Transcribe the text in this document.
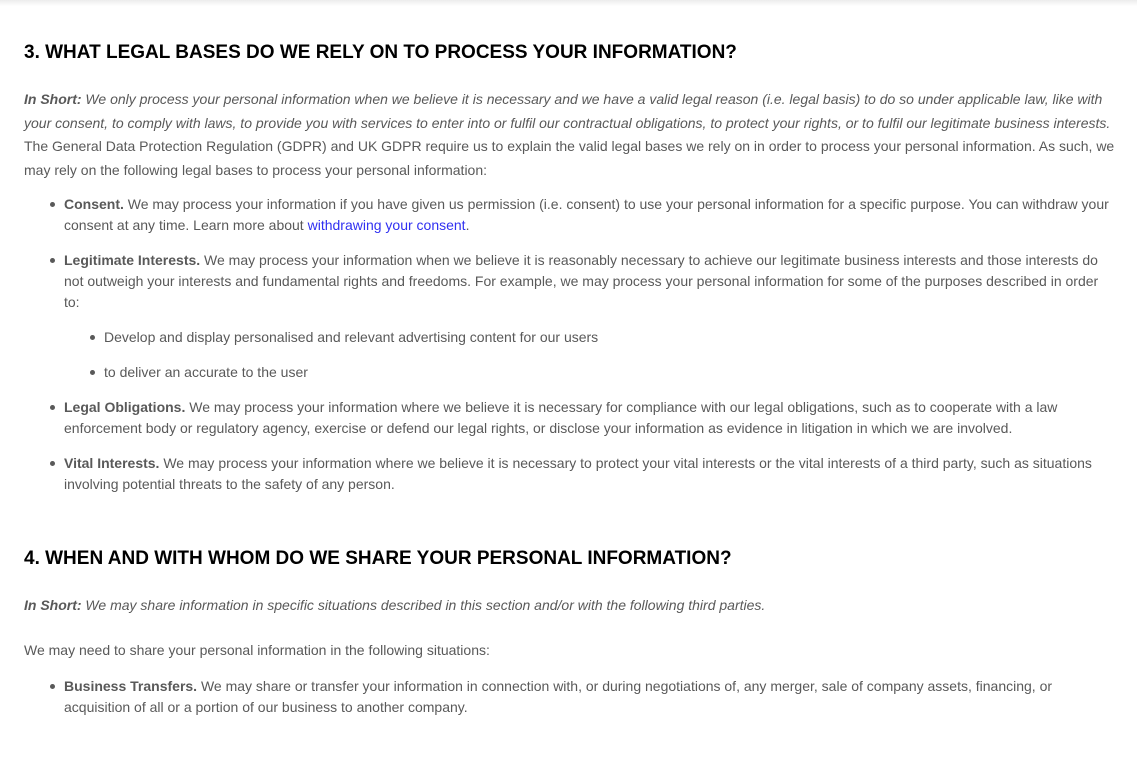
3. WHAT LEGAL BASES DO WE RELY ON TO PROCESS YOUR INFORMATION?

In Short: We only process your personal information when we believe it is necessary and we have a valid legal reason (i.e. legal basis) to do so under applicable law, like with your consent, to comply with laws, to provide you with services to enter into or fulfil our contractual obligations, to protect your rights, or to fulfil our legitimate business interests.

The General Data Protection Regulation (GDPR) and UK GDPR require us to explain the valid legal bases we rely on in order to process your personal information. As such, we may rely on the following legal bases to process your personal information:

Consent. We may process your information if you have given us permission (i.e. consent) to use your personal information for a specific purpose. You can withdraw your consent at any time. Learn more about withdrawing your consent.
Legitimate Interests. We may process your information when we believe it is reasonably necessary to achieve our legitimate business interests and those interests do not outweigh your interests and fundamental rights and freedoms. For example, we may process your personal information for some of the purposes described in order to:
Legal Obligations. We may process your information where we believe it is necessary for compliance with our legal obligations, such as to cooperate with a law enforcement body or regulatory agency, exercise or defend our legal rights, or disclose your information as evidence in litigation in which we are involved.
Vital Interests. We may process your information where we believe it is necessary to protect your vital interests or the vital interests of a third party, such as situations involving potential threats to the safety of any person.
Develop and display personalised and relevant advertising content for our users
to deliver an accurate to the user
4. WHEN AND WITH WHOM DO WE SHARE YOUR PERSONAL INFORMATION?

In Short: We may share information in specific situations described in this section and/or with the following third parties.

We may need to share your personal information in the following situations:

Business Transfers. We may share or transfer your information in connection with, or during negotiations of, any merger, sale of company assets, financing, or acquisition of all or a portion of our business to another company.
